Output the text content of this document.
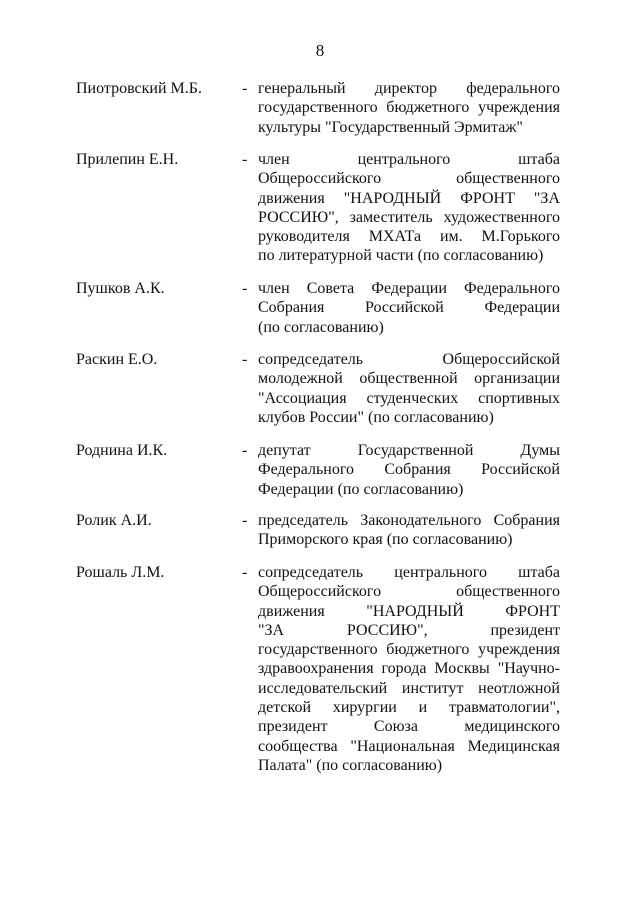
8
Пиотровский М.Б.	- генеральный директор федерального
государственного бюджетного учреждения
культуры "Государственный Эрмитаж"
Прилепин Е.Н.	- член центрального штаба
Общероссийского общественного
движения "НАРОДНЫЙ ФРОНТ "ЗА
РОССИЮ", заместитель художественного
руководителя МХАТа им. М.Горького
по литературной части (по согласованию)
Пушков А.К.	- член Совета Федерации Федерального
Собрания Российской Федерации
(по согласованию)
Раскин Е.О.	- сопредседатель Общероссийской
молодежной общественной организации
"Ассоциация студенческих спортивных
клубов России" (по согласованию)
Роднина И.К.	- депутат Государственной Думы
Федерального Собрания Российской
Федерации (по согласованию)
Ролик А.И.	- председатель Законодательного Собрания
Приморского края (по согласованию)
Рошаль Л.М.	- сопредседатель центрального штаба
Общероссийского общественного
движения "НАРОДНЫЙ ФРОНТ
"ЗА РОССИЮ", президент
государственного бюджетного учреждения
здравоохранения города Москвы "Научно-
исследовательский институт неотложной
детской хирургии и травматологии",
президент Союза медицинского
сообщества "Национальная Медицинская
Палата" (по согласованию)
